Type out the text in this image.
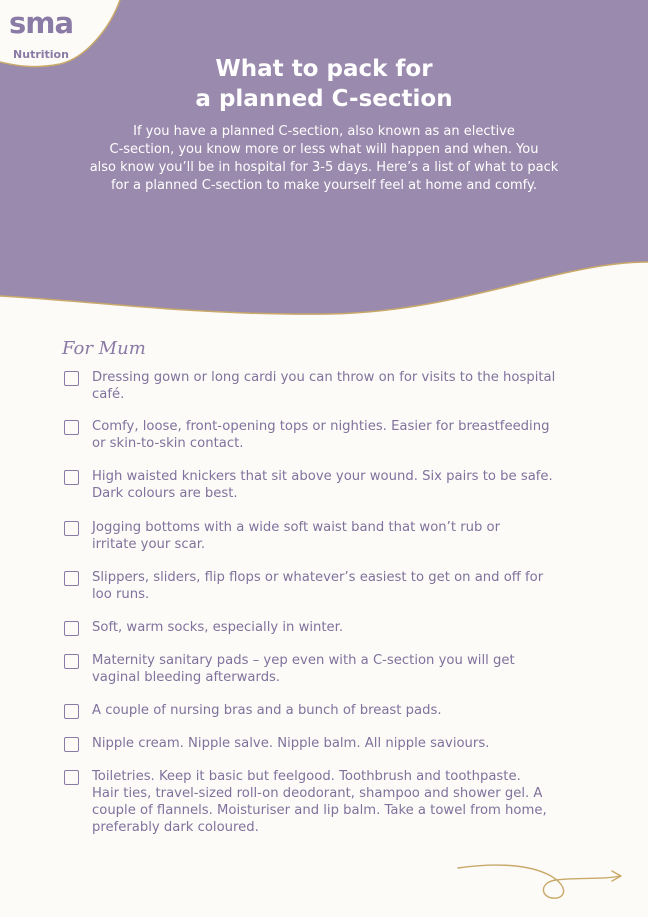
sma
Nutrition
What to pack for
a planned C-section
If you have a planned C-section, also known as an elective
C-section, you know more or less what will happen and when. You
also know you’ll be in hospital for 3-5 days. Here’s a list of what to pack
for a planned C-section to make yourself feel at home and comfy.
For Mum
Dressing gown or long cardi you can throw on for visits to the hospital
café.
Comfy, loose, front-opening tops or nighties. Easier for breastfeeding
or skin-to-skin contact.
High waisted knickers that sit above your wound. Six pairs to be safe.
Dark colours are best.
Jogging bottoms with a wide soft waist band that won’t rub or
irritate your scar.
Slippers, sliders, flip flops or whatever’s easiest to get on and off for
loo runs.
Soft, warm socks, especially in winter.
Maternity sanitary pads – yep even with a C-section you will get
vaginal bleeding afterwards.
A couple of nursing bras and a bunch of breast pads.
Nipple cream. Nipple salve. Nipple balm. All nipple saviours.
Toiletries. Keep it basic but feelgood. Toothbrush and toothpaste.
Hair ties, travel-sized roll-on deodorant, shampoo and shower gel. A
couple of flannels. Moisturiser and lip balm. Take a towel from home,
preferably dark coloured.
